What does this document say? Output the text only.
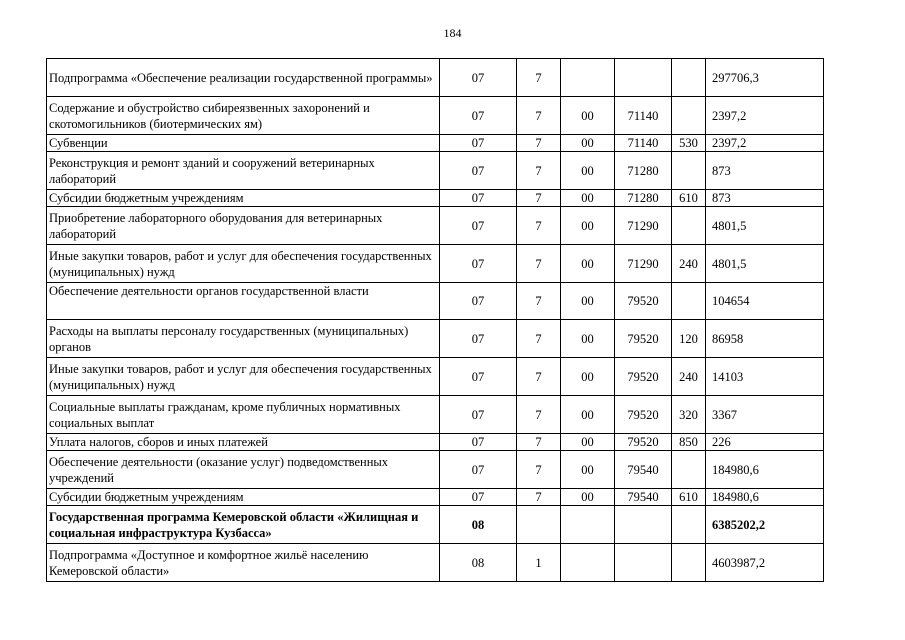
184
Подпрограмма «Обеспечение реализации государственной программы»	07	7				297706,3
Содержание и обустройство сибиреязвенных захоронений и скотомогильников (биотермических ям)	07	7	00	71140		2397,2
Субвенции	07	7	00	71140	530	2397,2
Реконструкция и ремонт зданий и сооружений ветеринарных лабораторий	07	7	00	71280		873
Субсидии бюджетным учреждениям	07	7	00	71280	610	873
Приобретение лабораторного оборудования для ветеринарных лабораторий	07	7	00	71290		4801,5
Иные закупки товаров, работ и услуг для обеспечения государственных (муниципальных) нужд	07	7	00	71290	240	4801,5
Обеспечение деятельности органов государственной власти	07	7	00	79520		104654
Расходы на выплаты персоналу государственных (муниципальных) органов	07	7	00	79520	120	86958
Иные закупки товаров, работ и услуг для обеспечения государственных (муниципальных) нужд	07	7	00	79520	240	14103
Социальные выплаты гражданам, кроме публичных нормативных социальных выплат	07	7	00	79520	320	3367
Уплата налогов, сборов и иных платежей	07	7	00	79520	850	226
Обеспечение деятельности (оказание услуг) подведомственных учреждений	07	7	00	79540		184980,6
Субсидии бюджетным учреждениям	07	7	00	79540	610	184980,6
Государственная программа Кемеровской области «Жилищная и социальная инфраструктура Кузбасса»	08					6385202,2
Подпрограмма «Доступное и комфортное жильё населению Кемеровской области»	08	1				4603987,2
